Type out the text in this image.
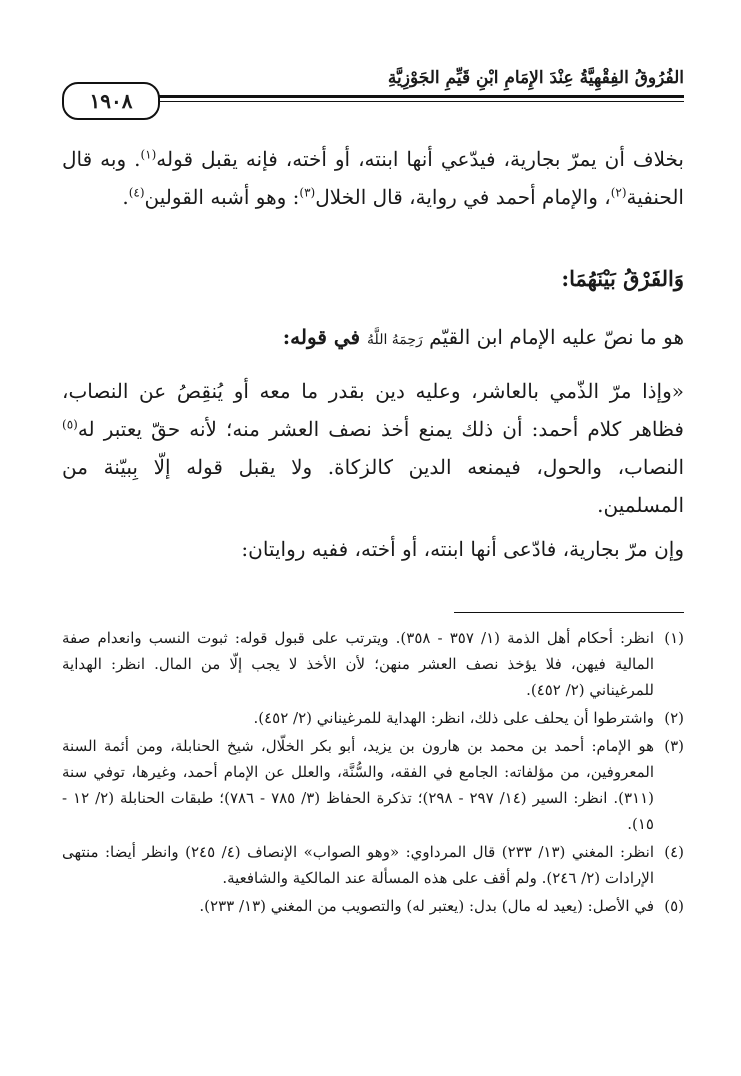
الفُرُوقُ الفِقْهِيَّةُ عِنْدَ الإِمَامِ ابْنِ قَيِّمِ الجَوْزِيَّةِ
١٩٠٨

بخلاف أن يمرّ بجارية، فيدّعي أنها ابنته، أو أخته، فإنه يقبل قوله$^{(١)}$. وبه قال الحنفية$^{(٢)}$، والإمام أحمد في رواية، قال الخلال$^{(٣)}$: وهو أشبه القولين$^{(٤)}$.

وَالفَرْقُ بَيْنَهُمَا:

هو ما نصّ عليه الإمام ابن القيّم رَحِمَهُ اللَّهُ في قوله:

«وإذا مرّ الذّمي بالعاشر، وعليه دين بقدر ما معه أو يُنقِصُ عن النصاب، فظاهر كلام أحمد: أن ذلك يمنع أخذ نصف العشر منه؛ لأنه حقّ يعتبر له$^{(٥)}$ النصاب، والحول، فيمنعه الدين كالزكاة. ولا يقبل قوله إلّا بِبيّنة من المسلمين.

وإن مرّ بجارية، فادّعى أنها ابنته، أو أخته، ففيه روايتان:

(١)
انظر: أحكام أهل الذمة (١/ ٣٥٧ - ٣٥٨). ويترتب على قبول قوله: ثبوت النسب وانعدام صفة المالية فيهن، فلا يؤخذ نصف العشر منهن؛ لأن الأخذ لا يجب إلّا من المال. انظر: الهداية للمرغيناني (٢/ ٤٥٢).
(٢)
واشترطوا أن يحلف على ذلك، انظر: الهداية للمرغيناني (٢/ ٤٥٢).
(٣)
هو الإمام: أحمد بن محمد بن هارون بن يزيد، أبو بكر الخلّال، شيخ الحنابلة، ومن أئمة السنة المعروفين، من مؤلفاته: الجامع في الفقه، والسُّنَّة، والعلل عن الإمام أحمد، وغيرها، توفي سنة (٣١١). انظر: السير (١٤/ ٢٩٧ - ٢٩٨)؛ تذكرة الحفاظ (٣/ ٧٨٥ - ٧٨٦)؛ طبقات الحنابلة (٢/ ١٢ - ١٥).
(٤)
انظر: المغني (١٣/ ٢٣٣) قال المرداوي: «وهو الصواب» الإنصاف (٤/ ٢٤٥) وانظر أيضا: منتهى الإرادات (٢/ ٢٤٦). ولم أقف على هذه المسألة عند المالكية والشافعية.
(٥)
في الأصل: (يعيد له مال) بدل: (يعتبر له) والتصويب من المغني (١٣/ ٢٣٣).
